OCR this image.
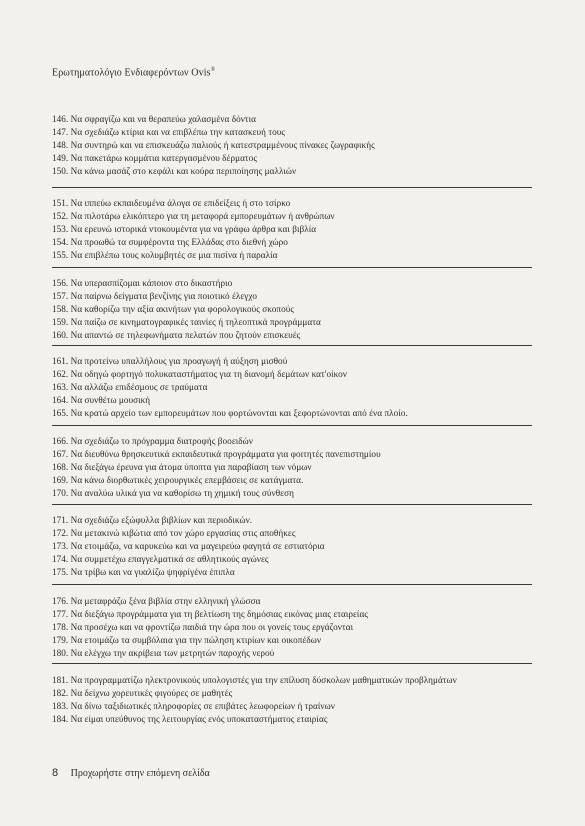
Ερωτηματολόγιο Ενδιαφερόντων Ovis®
146. Να σφραγίζω και να θεραπεύω χαλασμένα δόντια
147. Να σχεδιάζω κτίρια και να επιβλέπω την κατασκευή τους
148. Να συντηρώ και να επισκευάζω παλιούς ή κατεστραμμένους πίνακες ζωγραφικής
149. Να πακετάρω κομμάτια κατεργασμένου δέρματος
150. Να κάνω μασάζ στο κεφάλι και κούρα περιποίησης μαλλιών
151. Να ιππεύω εκπαιδευμένα άλογα σε επιδείξεις ή στο τσίρκο
152. Να πιλοτάρω ελικόπτερο για τη μεταφορά εμπορευμάτων ή ανθρώπων
153. Να ερευνώ ιστορικά ντοκουμέντα για να γράφω άρθρα και βιβλία
154. Να προωθώ τα συμφέροντα της Ελλάδας στο διεθνή χώρο
155. Να επιβλέπω τους κολυμβητές σε μια πισίνα ή παραλία
156. Να υπερασπίζομαι κάποιον στο δικαστήριο
157. Να παίρνω δείγματα βενζίνης για ποιοτικό έλεγχο
158. Να καθορίζω την αξία ακινήτων για φορολογικούς σκοπούς
159. Να παίζω σε κινηματογραφικές ταινίες ή τηλεοπτικά προγράμματα
160. Να απαντώ σε τηλεφωνήματα πελατών που ζητούν επισκευές
161. Να προτείνω υπαλλήλους για προαγωγή ή αύξηση μισθού
162. Να οδηγώ φορτηγό πολυκαταστήματος για τη διανομή δεμάτων κατ'οίκον
163. Να αλλάζω επιδέσμους σε τραύματα
164. Να συνθέτω μουσική
165. Να κρατώ αρχείο των εμπορευμάτων που φορτώνονται και ξεφορτώνονται από ένα πλοίο.
166. Να σχεδιάζω το πρόγραμμα διατροφής βοοειδών
167. Να διευθύνω θρησκευτικά εκπαιδευτικά προγράμματα για φοιτητές πανεπιστημίου
168. Να διεξάγω έρευνα για άτομα ύποπτα για παραβίαση των νόμων
169. Να κάνω διορθωτικές χειρουργικές επεμβάσεις σε κατάγματα.
170. Να αναλύω υλικά για να καθορίσω τη χημική τους σύνθεση
171. Να σχεδιάζω εξώφυλλα βιβλίων και περιοδικών.
172. Να μετακινώ κιβώτια από τον χώρο εργασίας στις αποθήκες
173. Να ετοιμάζω, να καρυκεύω και να μαγειρεύω φαγητά σε εστιατόρια
174. Να συμμετέχω επαγγελματικά σε αθλητικούς αγώνες
175. Να τρίβω και να γυαλίζω ψηφρίγένα έπιπλα
176. Να μεταφράζω ξένα βιβλία στην ελληνική γλώσσα
177. Να διεξάγω προγράμματα για τη βελτίωση της δημόσιας εικόνας μιας εταιρείας
178. Να προσέχω και να φροντίζω παιδιά την ώρα που οι γονείς τους εργάζονται
179. Να ετοιμάζω τα συμβόλαια για την πώληση κτιρίων και οικοπέδων
180. Να ελέγχω την ακρίβεια των μετρητών παροχής νερού
181. Να προγραμματίζω ηλεκτρονικούς υπολογιστές για την επίλυση δύσκολων μαθηματικών προβλημάτων
182. Να δείχνω χορευτικές φιγούρες σε μαθητές
183. Να δίνω ταξιδιωτικές πληροφορίες σε επιβάτες λεωφορείων ή τραίνων
184. Να είμαι υπεύθυνος της λειτουργίας ενός υποκαταστήματος εταιρίας
8 Προχωρήστε στην επόμενη σελίδα
